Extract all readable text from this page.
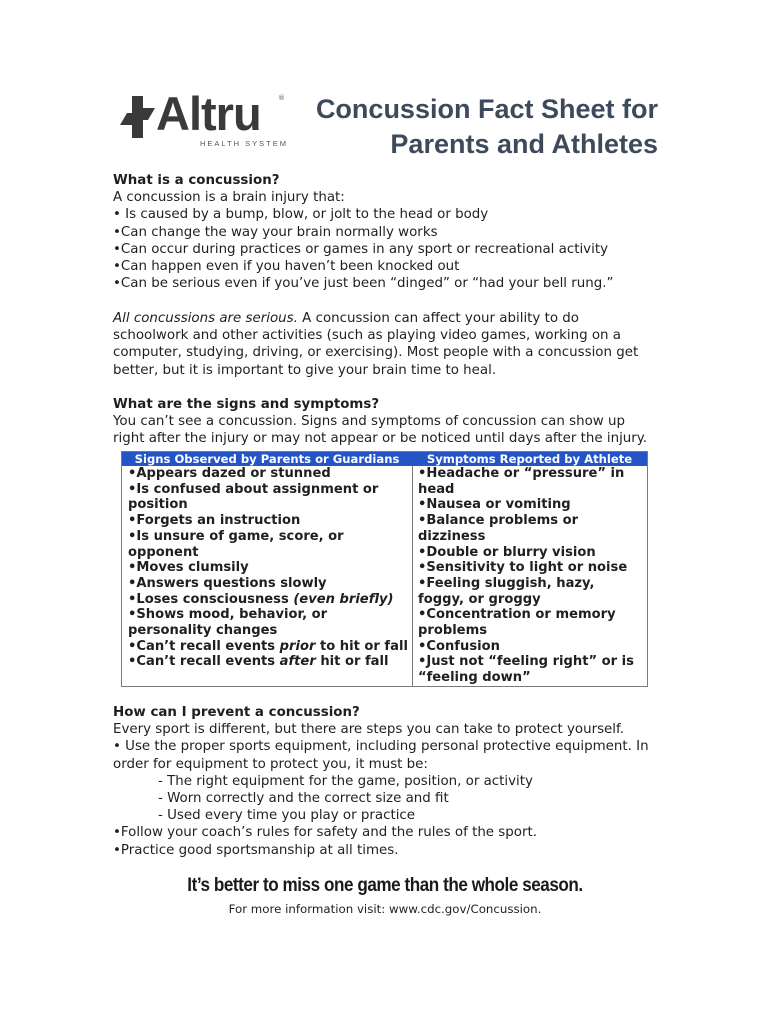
Altru ®
HEALTH SYSTEM
Concussion Fact Sheet for
Parents and Athletes

What is a concussion?

A concussion is a brain injury that:

• Is caused by a bump, blow, or jolt to the head or body

•Can change the way your brain normally works

•Can occur during practices or games in any sport or recreational activity

•Can happen even if you haven’t been knocked out

•Can be serious even if you’ve just been “dinged” or “had your bell rung.”

All concussions are serious. A concussion can affect your ability to do schoolwork and other activities (such as playing video games, working on a computer, studying, driving, or exercising). Most people with a concussion get better, but it is important to give your brain time to heal.

What are the signs and symptoms?

You can’t see a concussion. Signs and symptoms of concussion can show up right after the injury or may not appear or be noticed until days after the injury.

Signs Observed by Parents or Guardians
•Appears dazed or stunned
•Is confused about assignment or position
•Forgets an instruction
•Is unsure of game, score, or opponent
•Moves clumsily
•Answers questions slowly
•Loses consciousness (even briefly)
•Shows mood, behavior, or personality changes
•Can’t recall events prior to hit or fall
•Can’t recall events after hit or fall
Symptoms Reported by Athlete
•Headache or “pressure” in head
•Nausea or vomiting
•Balance problems or dizziness
•Double or blurry vision
•Sensitivity to light or noise
•Feeling sluggish, hazy, foggy, or groggy
•Concentration or memory problems
•Confusion
•Just not “feeling right” or is “feeling down”

How can I prevent a concussion?

Every sport is different, but there are steps you can take to protect yourself.

• Use the proper sports equipment, including personal protective equipment. In order for equipment to protect you, it must be:

- The right equipment for the game, position, or activity

- Worn correctly and the correct size and fit

- Used every time you play or practice

•Follow your coach’s rules for safety and the rules of the sport.

•Practice good sportsmanship at all times.

It’s better to miss one game than the whole season.
For more information visit: www.cdc.gov/Concussion.
